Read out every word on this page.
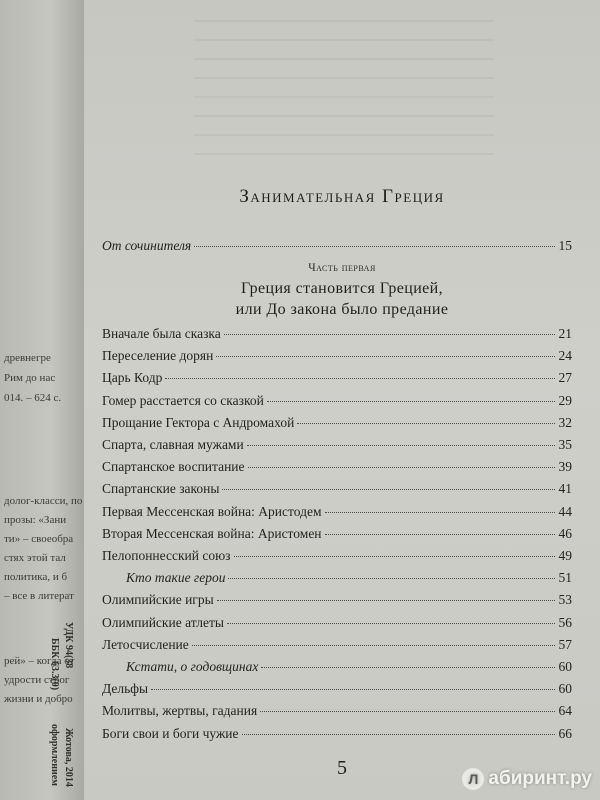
древнегре
Рим до нас
014. – 624 с.
долог-класси, по
прозы: «Зани
ти» – своеобра
стях этой тал
политика, и б
– все в литерат
рей» – когда от
удрости строг
жизни и добро
УДК 94(38
ББК 63.3(0)
Жотова, 2014
оформлением
Занимательная Греция
От сочинителя	15
Часть первая
Греция становится Грецией,
или До закона было предание
Вначале была сказка	21
Переселение дорян	24
Царь Кодр	27
Гомер расстается со сказкой	29
Прощание Гектора с Андромахой	32
Спарта, славная мужами	35
Спартанское воспитание	39
Спартанские законы	41
Первая Мессенская война: Аристодем	44
Вторая Мессенская война: Аристомен	46
Пелопоннесский союз	49
Кто такие герои	51
Олимпийские игры	53
Олимпийские атлеты	56
Летосчисление	57
Кстати, о годовщинах	60
Дельфы	60
Молитвы, жертвы, гадания	64
Боги свои и боги чужие	66
5	Л абиринт.ру
